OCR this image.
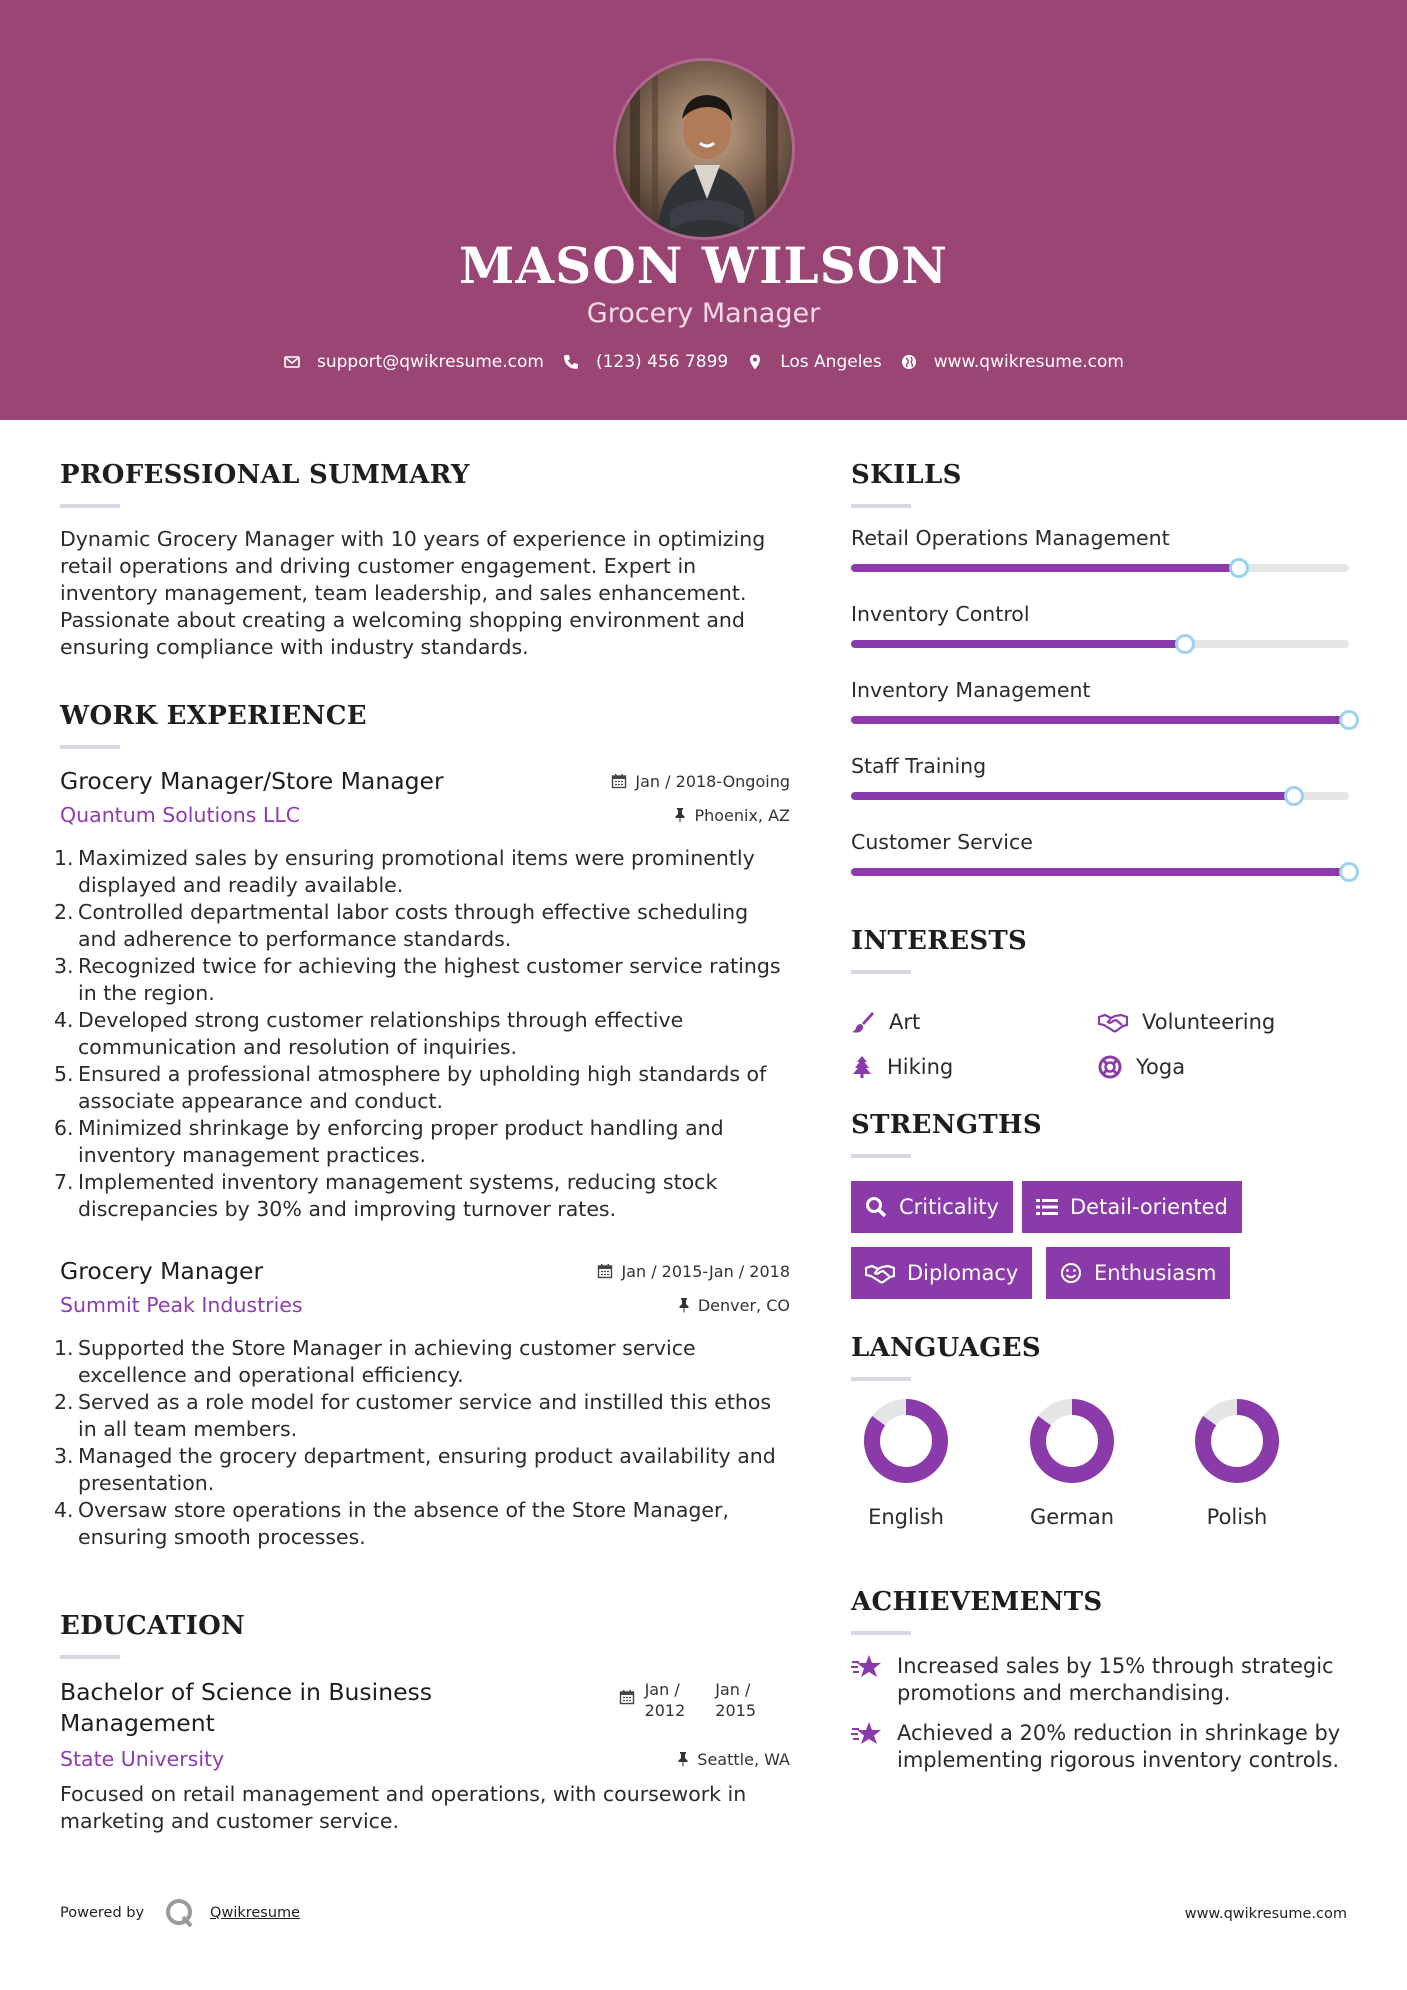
MASON WILSON
Grocery Manager
support@qwikresume.com	(123) 456 7899	Los Angeles	www.qwikresume.com
PROFESSIONAL SUMMARY
Dynamic Grocery Manager with 10 years of experience in optimizing retail operations and driving customer engagement. Expert in inventory management, team leadership, and sales enhancement. Passionate about creating a welcoming shopping environment and ensuring compliance with industry standards.
WORK EXPERIENCE
Grocery Manager/Store Manager	Jan / 2018-Ongoing
Quantum Solutions LLC	Phoenix, AZ
Maximized sales by ensuring promotional items were prominently displayed and readily available.
Controlled departmental labor costs through effective scheduling and adherence to performance standards.
Recognized twice for achieving the highest customer service ratings in the region.
Developed strong customer relationships through effective communication and resolution of inquiries.
Ensured a professional atmosphere by upholding high standards of associate appearance and conduct.
Minimized shrinkage by enforcing proper product handling and inventory management practices.
Implemented inventory management systems, reducing stock discrepancies by 30% and improving turnover rates.
Grocery Manager	Jan / 2015-Jan / 2018
Summit Peak Industries	Denver, CO
Supported the Store Manager in achieving customer service excellence and operational efficiency.
Served as a role model for customer service and instilled this ethos in all team members.
Managed the grocery department, ensuring product availability and presentation.
Oversaw store operations in the absence of the Store Manager, ensuring smooth processes.
EDUCATION
Bachelor of Science in Business
Management
Jan /
2012
Jan /
2015
State University	Seattle, WA
Focused on retail management and operations, with coursework in marketing and customer service.
SKILLS
Retail Operations Management
Inventory Control
Inventory Management
Staff Training
Customer Service
INTERESTS
Art	Volunteering
Hiking	Yoga
STRENGTHS
Criticality	Detail-oriented
Diplomacy	Enthusiasm
LANGUAGES
English	German	Polish
ACHIEVEMENTS
Increased sales by 15% through strategic promotions and merchandising.
Achieved a 20% reduction in shrinkage by implementing rigorous inventory controls.
Powered by	Qwikresume	www.qwikresume.com
